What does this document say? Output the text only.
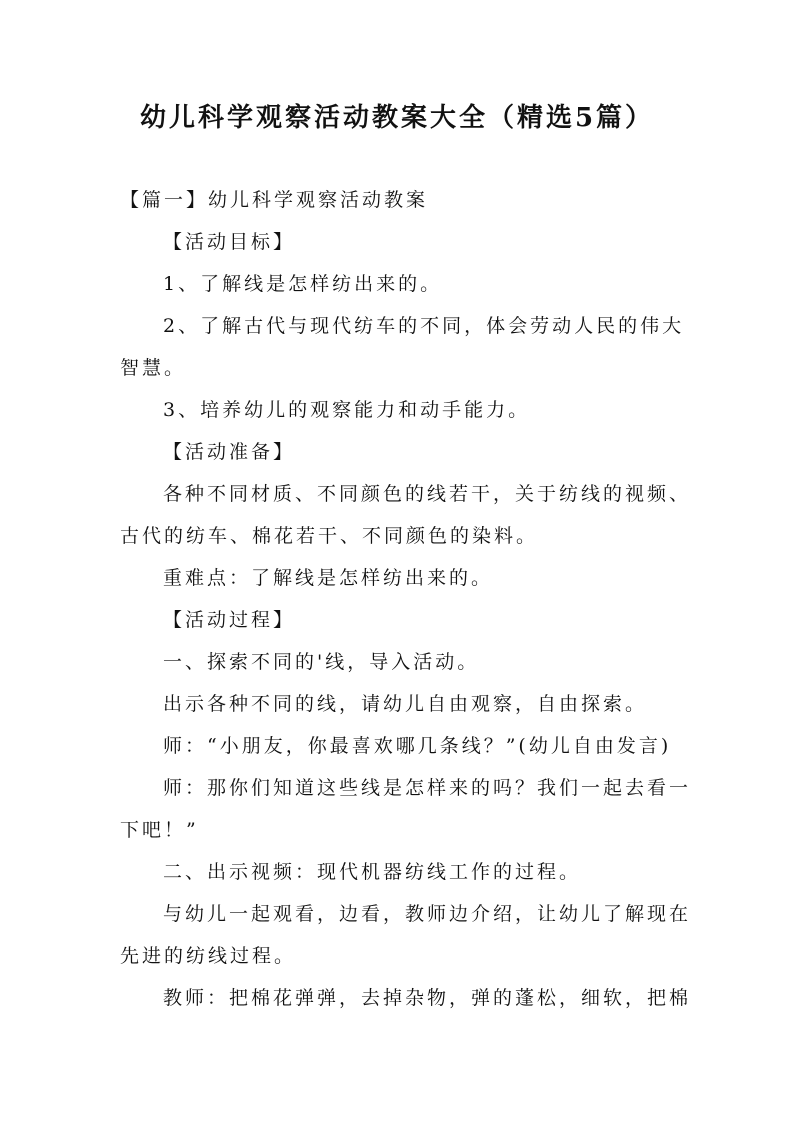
幼儿科学观察活动教案大全（精选5篇）
【篇一】幼儿科学观察活动教案
【活动目标】
1、了解线是怎样纺出来的。
2、了解古代与现代纺车的不同，体会劳动人民的伟大
智慧。
3、培养幼儿的观察能力和动手能力。
【活动准备】
各种不同材质、不同颜色的线若干，关于纺线的视频、
古代的纺车、棉花若干、不同颜色的染料。
重难点：了解线是怎样纺出来的。
【活动过程】
一、探索不同的'线，导入活动。
出示各种不同的线，请幼儿自由观察，自由探索。
师：“小朋友，你最喜欢哪几条线？”(幼儿自由发言)
师：那你们知道这些线是怎样来的吗？我们一起去看一
下吧！”
二、出示视频：现代机器纺线工作的过程。
与幼儿一起观看，边看，教师边介绍，让幼儿了解现在
先进的纺线过程。
教师：把棉花弹弹，去掉杂物，弹的蓬松，细软，把棉
